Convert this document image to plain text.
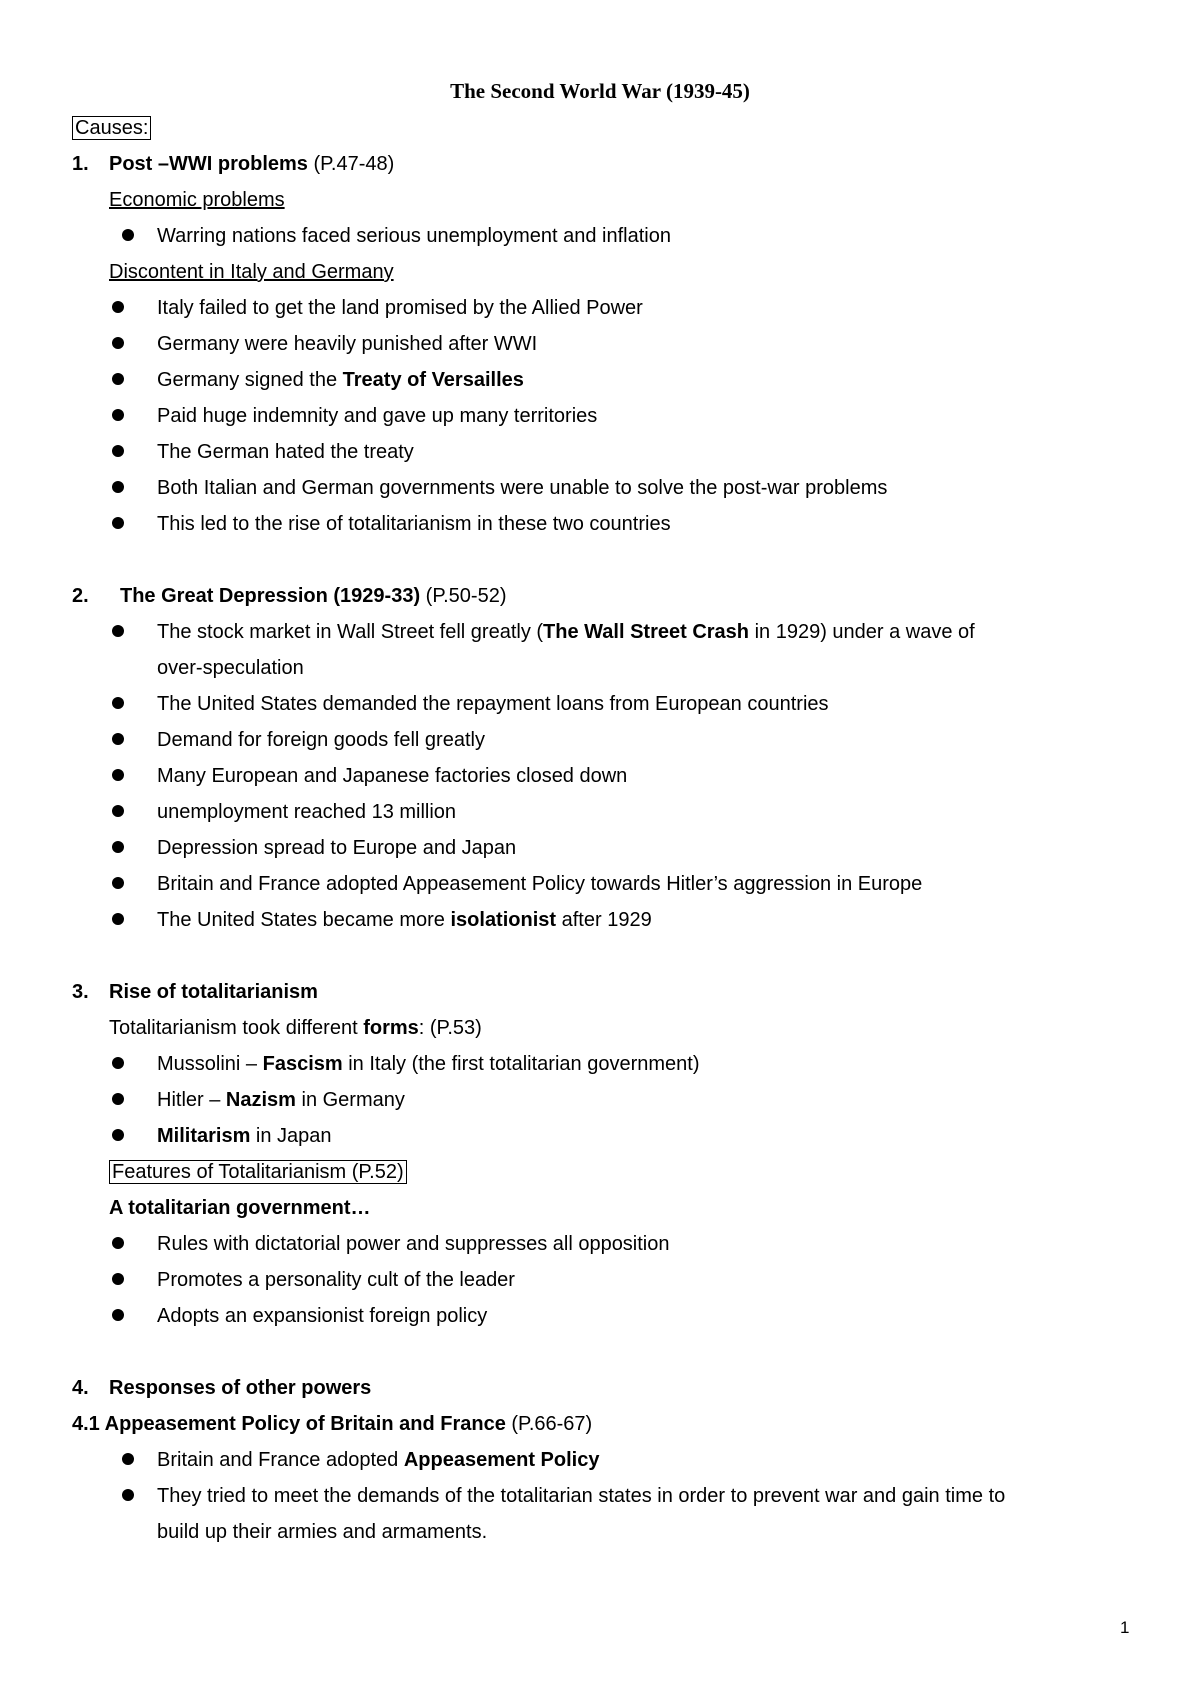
The Second World War (1939-45)
Causes:
1. Post –WWI problems (P.47-48)
Economic problems
Warring nations faced serious unemployment and inflation
Discontent in Italy and Germany
Italy failed to get the land promised by the Allied Power
Germany were heavily punished after WWI
Germany signed the Treaty of Versailles
Paid huge indemnity and gave up many territories
The German hated the treaty
Both Italian and German governments were unable to solve the post-war problems
This led to the rise of totalitarianism in these two countries
2. The Great Depression (1929-33) (P.50-52)
The stock market in Wall Street fell greatly (The Wall Street Crash in 1929) under a wave of
over-speculation
The United States demanded the repayment loans from European countries
Demand for foreign goods fell greatly
Many European and Japanese factories closed down
unemployment reached 13 million
Depression spread to Europe and Japan
Britain and France adopted Appeasement Policy towards Hitler’s aggression in Europe
The United States became more isolationist after 1929
3. Rise of totalitarianism
Totalitarianism took different forms: (P.53)
Mussolini – Fascism in Italy (the first totalitarian government)
Hitler – Nazism in Germany
Militarism in Japan
Features of Totalitarianism (P.52)
A totalitarian government…
Rules with dictatorial power and suppresses all opposition
Promotes a personality cult of the leader
Adopts an expansionist foreign policy
4. Responses of other powers
4.1 Appeasement Policy of Britain and France (P.66-67)
Britain and France adopted Appeasement Policy
They tried to meet the demands of the totalitarian states in order to prevent war and gain time to
build up their armies and armaments.
1
